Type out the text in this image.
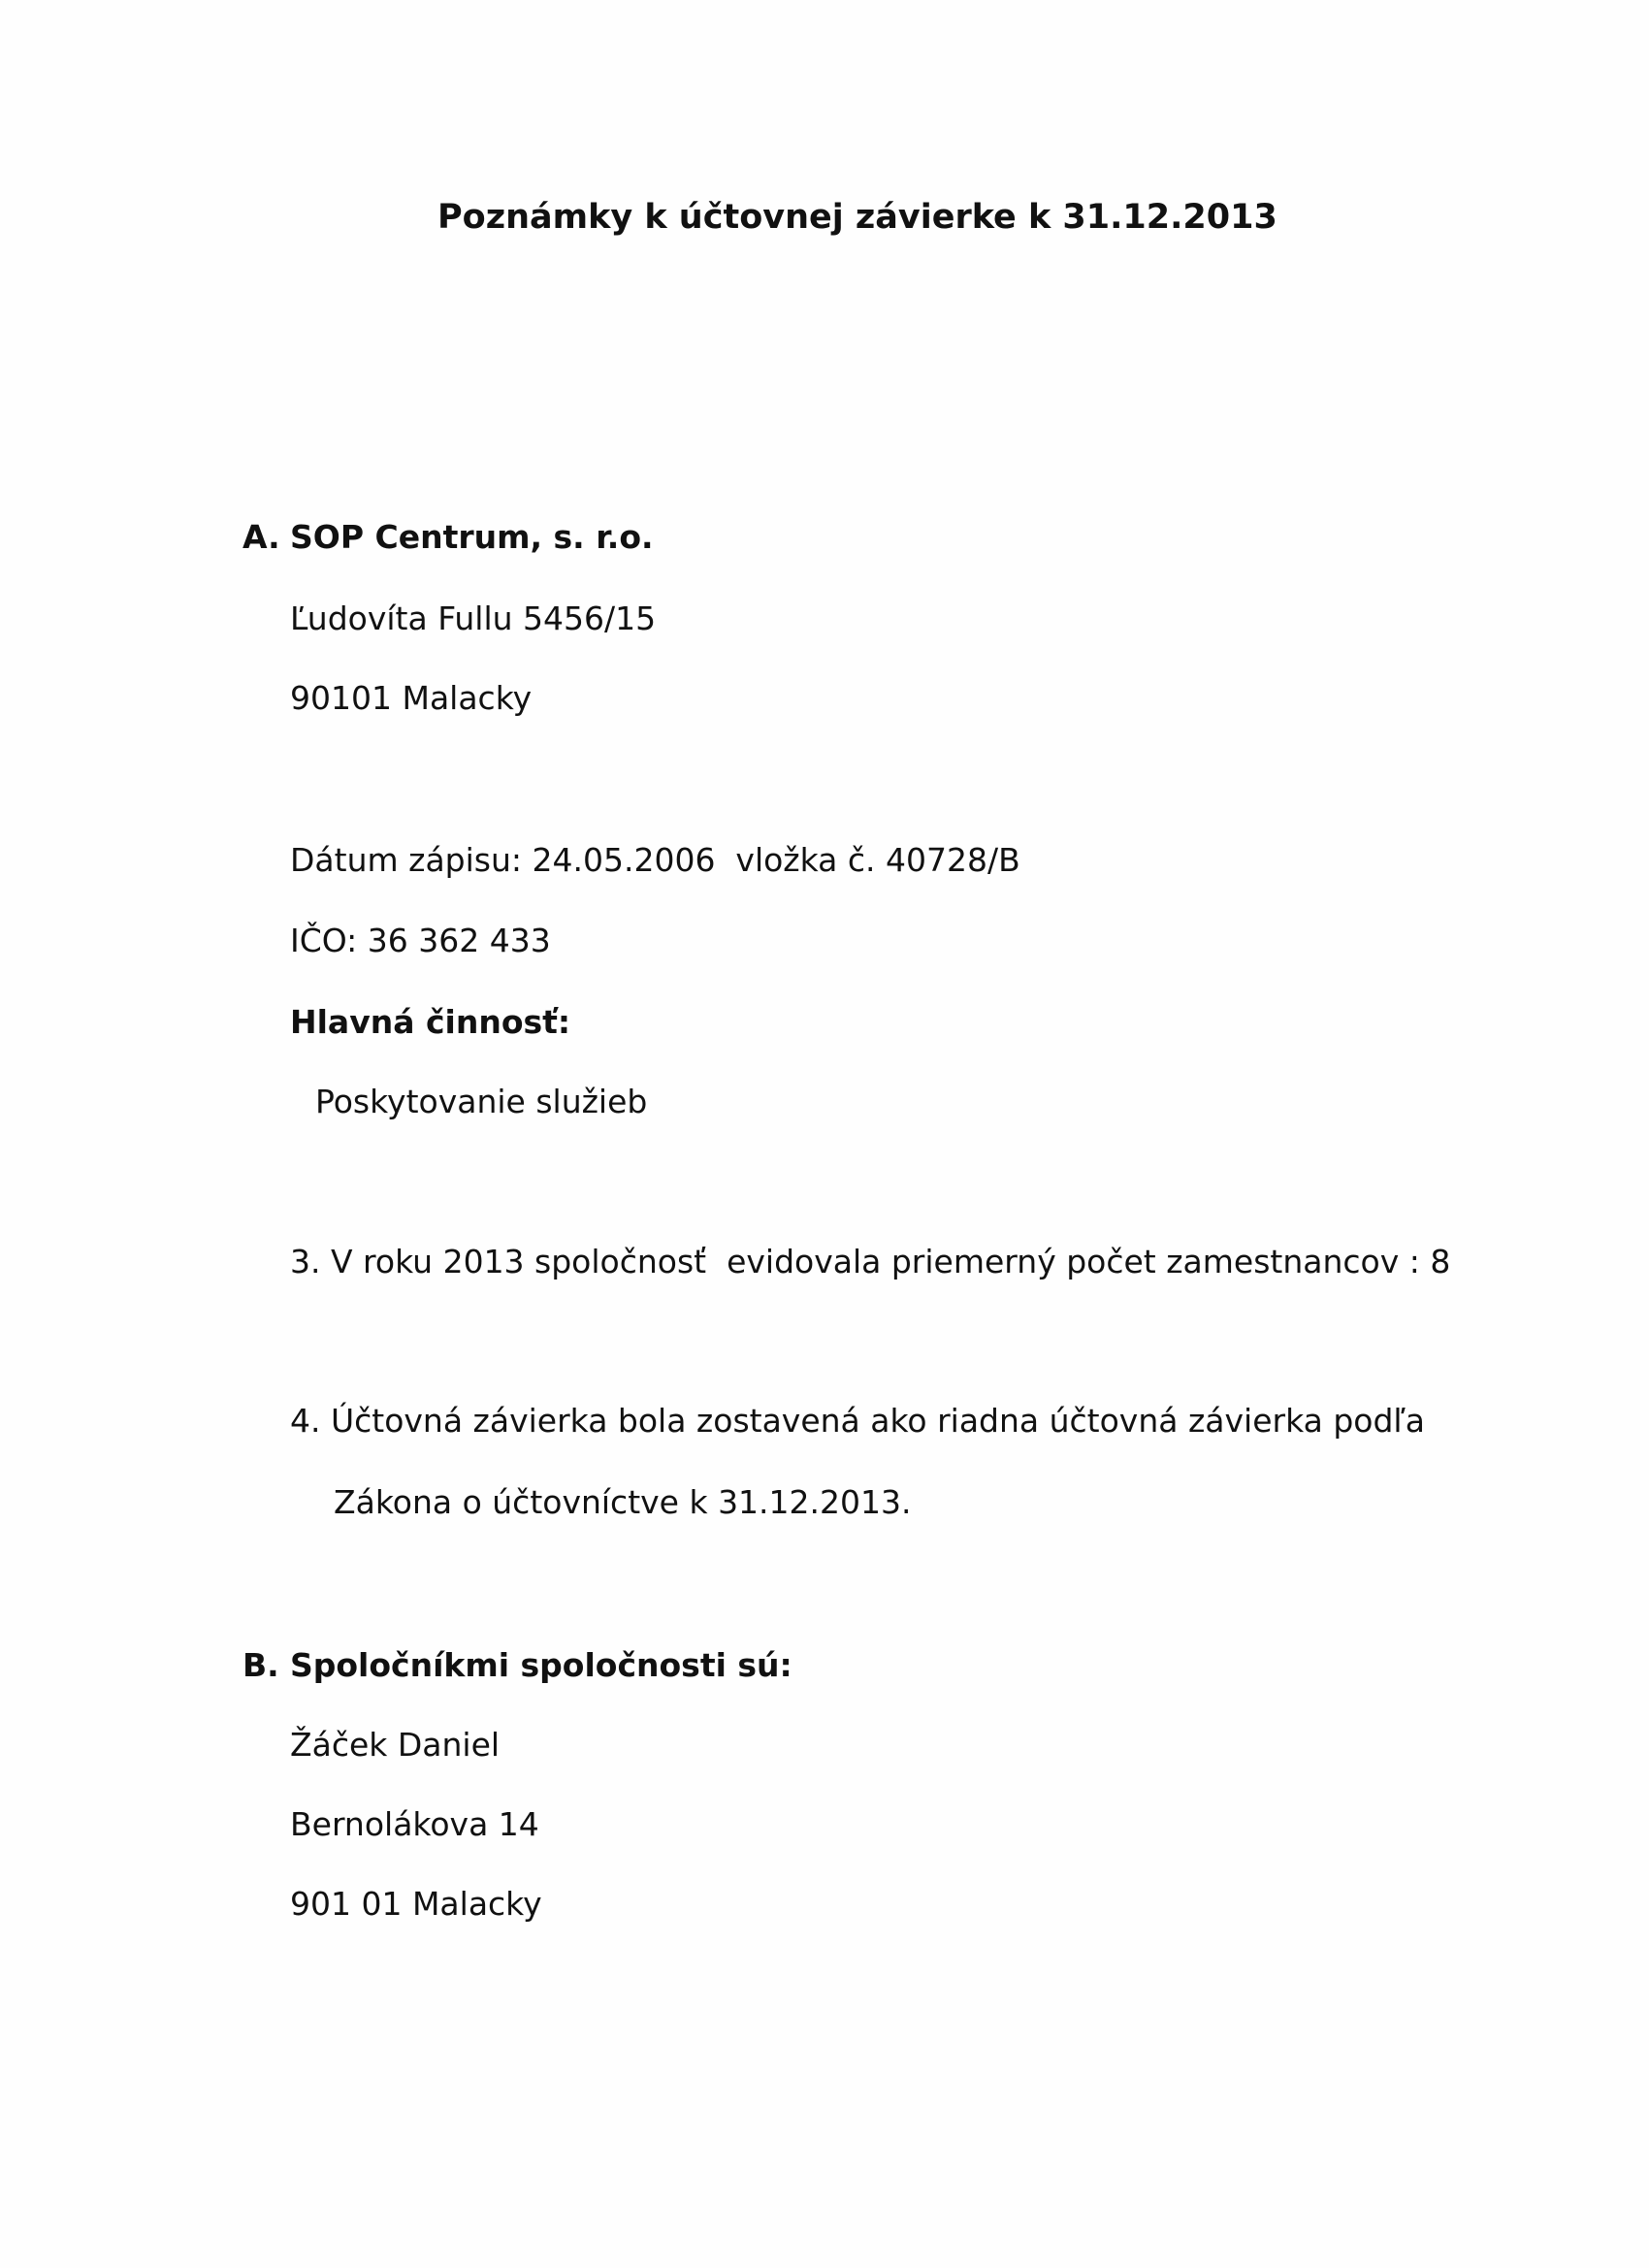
Poznámky k účtovnej závierke k 31.12.2013
A. SOP Centrum, s. r.o.
Ľudovíta Fullu 5456/15
90101 Malacky
Dátum zápisu: 24.05.2006  vložka č. 40728/B
IČO: 36 362 433
Hlavná činnosť:
Poskytovanie služieb
3. V roku 2013 spoločnosť  evidovala priemerný počet zamestnancov : 8
4. Účtovná závierka bola zostavená ako riadna účtovná závierka podľa
Zákona o účtovníctve k 31.12.2013.
B. Spoločníkmi spoločnosti sú:
Žáček Daniel
Bernolákova 14
901 01 Malacky
